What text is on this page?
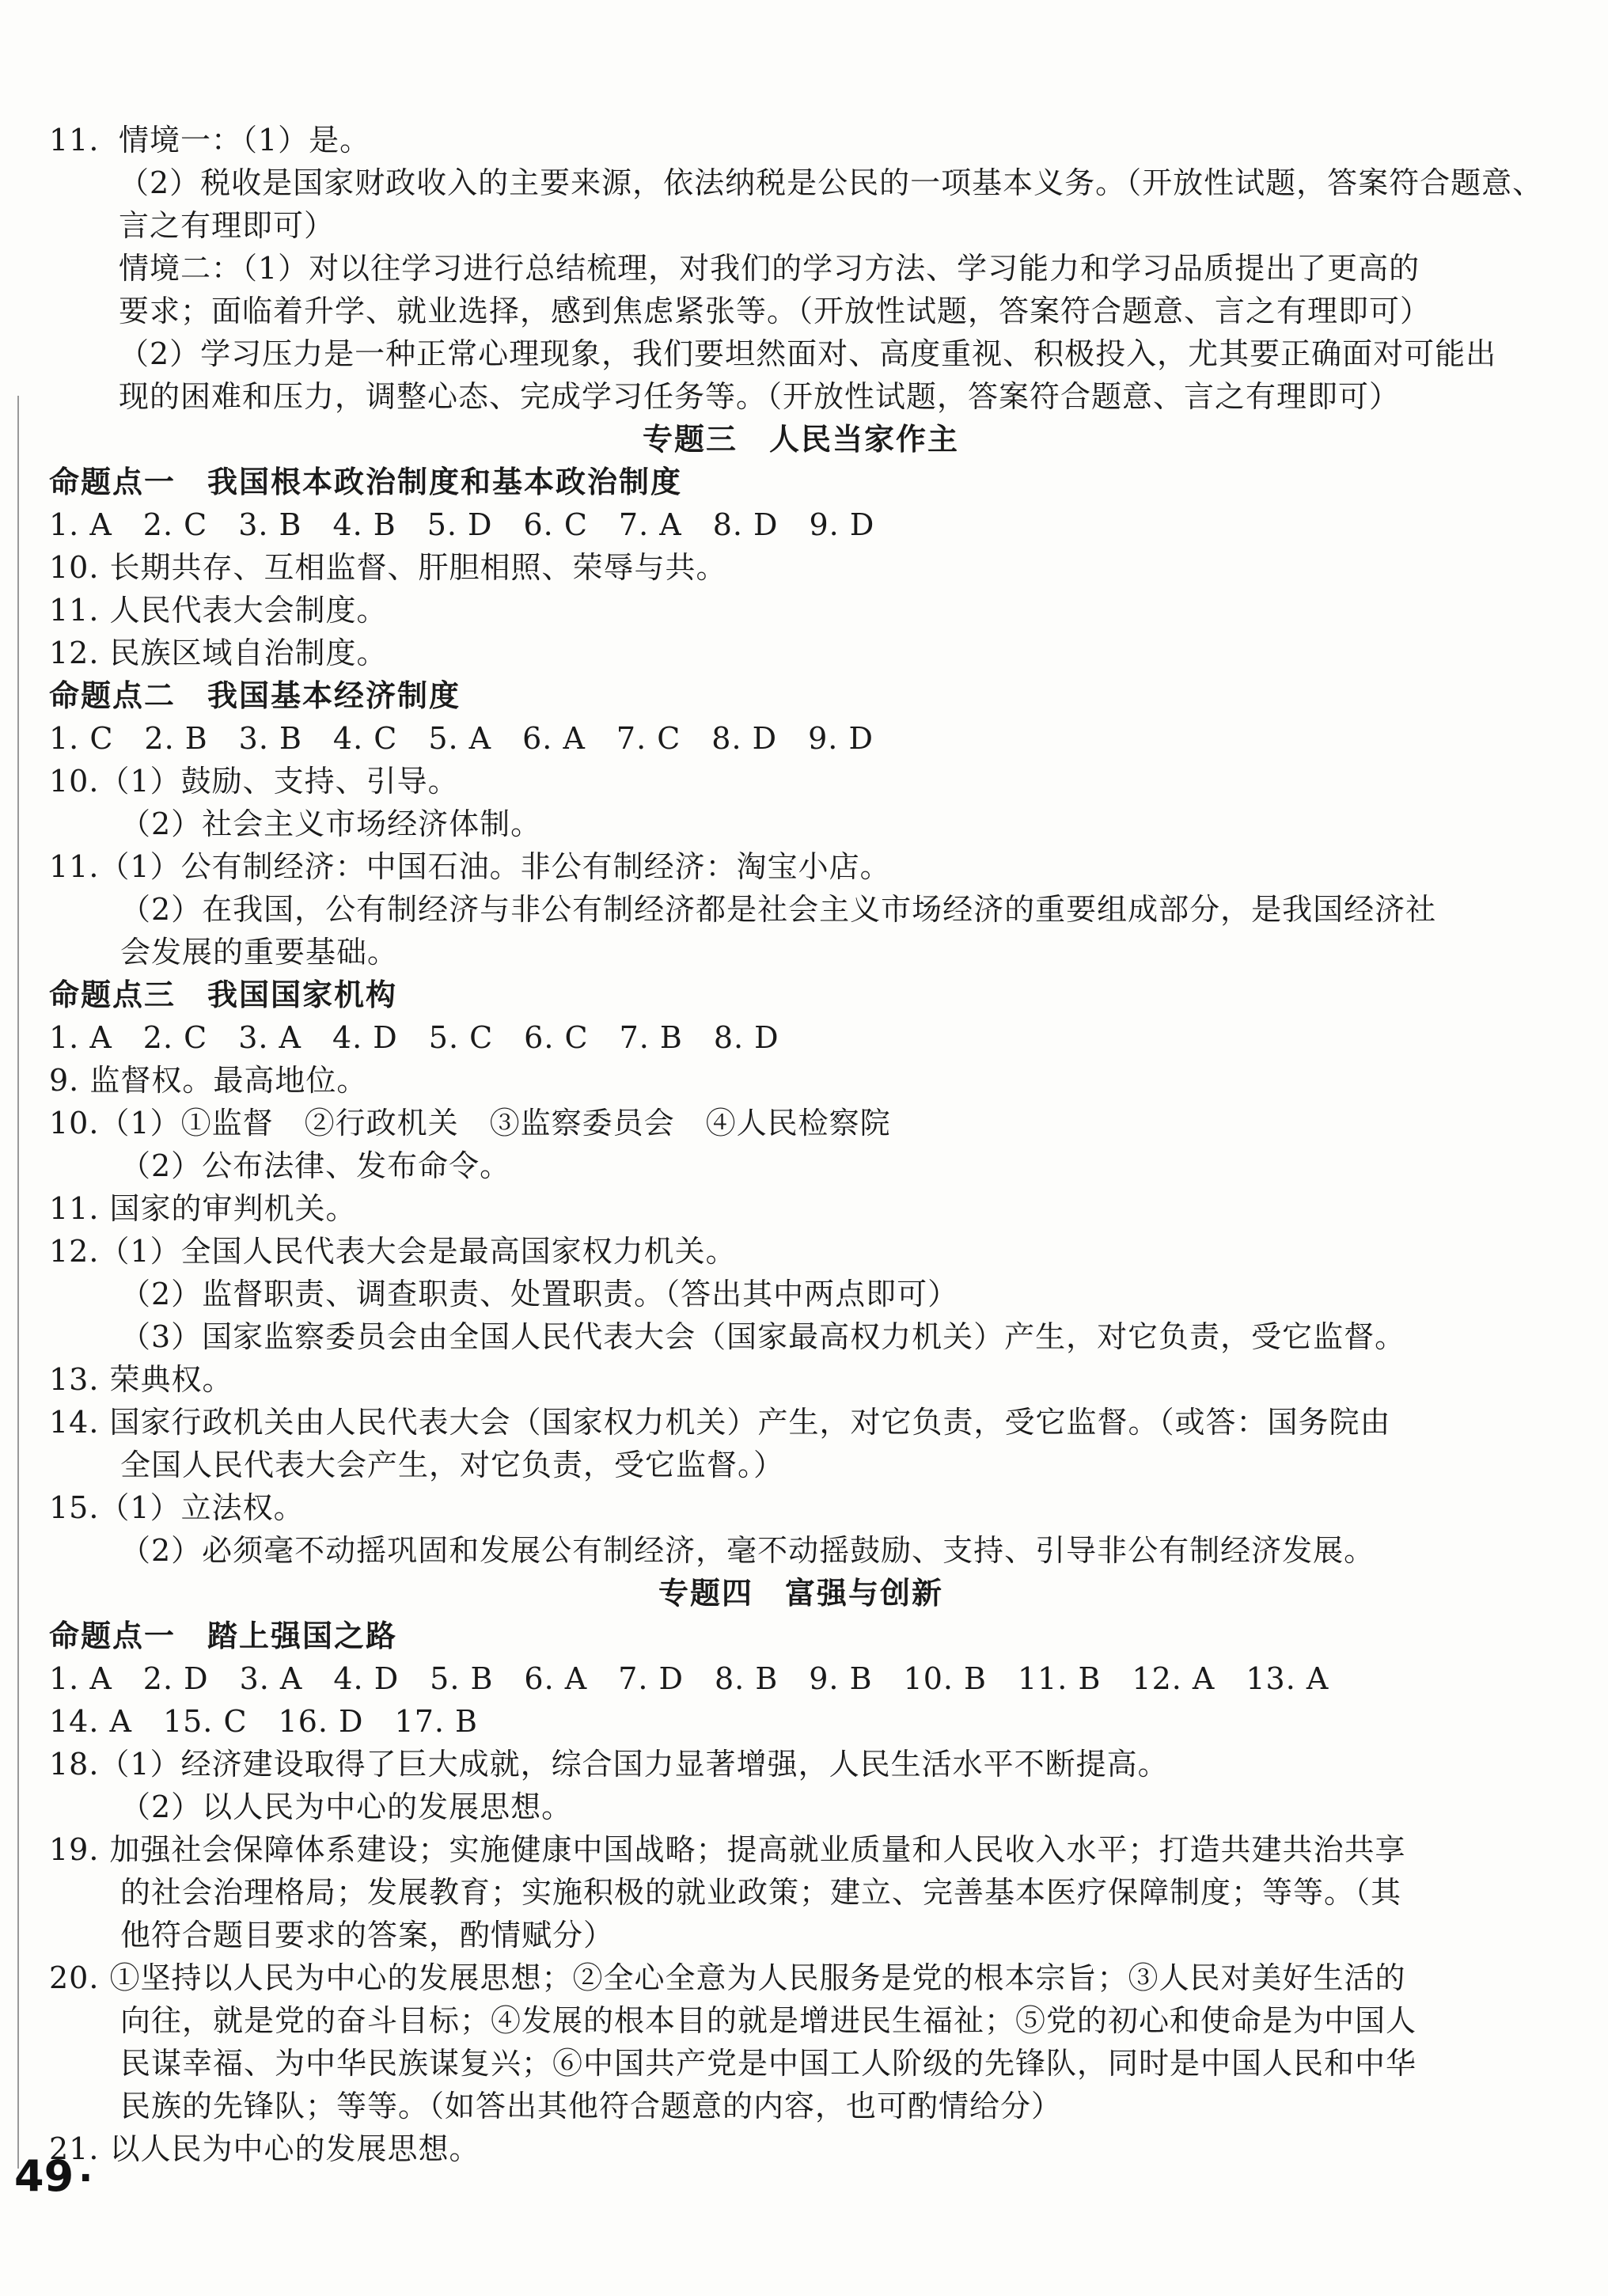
11. 情境一：（1）是。
（2）税收是国家财政收入的主要来源，依法纳税是公民的一项基本义务。（开放性试题，答案符合题意、
言之有理即可）
情境二：（1）对以往学习进行总结梳理，对我们的学习方法、学习能力和学习品质提出了更高的
要求；面临着升学、就业选择，感到焦虑紧张等。（开放性试题，答案符合题意、言之有理即可）
（2）学习压力是一种正常心理现象，我们要坦然面对、高度重视、积极投入，尤其要正确面对可能出
现的困难和压力，调整心态、完成学习任务等。（开放性试题，答案符合题意、言之有理即可）
专题三　人民当家作主
命题点一　我国根本政治制度和基本政治制度
1. A　2. C　3. B　4. B　5. D　6. C　7. A　8. D　9. D
10. 长期共存、互相监督、肝胆相照、荣辱与共。
11. 人民代表大会制度。
12. 民族区域自治制度。
命题点二　我国基本经济制度
1. C　2. B　3. B　4. C　5. A　6. A　7. C　8. D　9. D
10.（1）鼓励、支持、引导。
（2）社会主义市场经济体制。
11.（1）公有制经济：中国石油。非公有制经济：淘宝小店。
（2）在我国，公有制经济与非公有制经济都是社会主义市场经济的重要组成部分，是我国经济社
会发展的重要基础。
命题点三　我国国家机构
1. A　2. C　3. A　4. D　5. C　6. C　7. B　8. D
9. 监督权。最高地位。
10.（1）①监督　②行政机关　③监察委员会　④人民检察院
（2）公布法律、发布命令。
11. 国家的审判机关。
12.（1）全国人民代表大会是最高国家权力机关。
（2）监督职责、调查职责、处置职责。（答出其中两点即可）
（3）国家监察委员会由全国人民代表大会（国家最高权力机关）产生，对它负责，受它监督。
13. 荣典权。
14. 国家行政机关由人民代表大会（国家权力机关）产生，对它负责，受它监督。（或答：国务院由
全国人民代表大会产生，对它负责，受它监督。）
15.（1）立法权。
（2）必须毫不动摇巩固和发展公有制经济，毫不动摇鼓励、支持、引导非公有制经济发展。
专题四　富强与创新
命题点一　踏上强国之路
1. A　2. D　3. A　4. D　5. B　6. A　7. D　8. B　9. B　10. B　11. B　12. A　13. A
14. A　15. C　16. D　17. B
18.（1）经济建设取得了巨大成就，综合国力显著增强，人民生活水平不断提高。
（2）以人民为中心的发展思想。
19. 加强社会保障体系建设；实施健康中国战略；提高就业质量和人民收入水平；打造共建共治共享
的社会治理格局；发展教育；实施积极的就业政策；建立、完善基本医疗保障制度；等等。（其
他符合题目要求的答案，酌情赋分）
20. ①坚持以人民为中心的发展思想；②全心全意为人民服务是党的根本宗旨；③人民对美好生活的
向往，就是党的奋斗目标；④发展的根本目的就是增进民生福祉；⑤党的初心和使命是为中国人
民谋幸福、为中华民族谋复兴；⑥中国共产党是中国工人阶级的先锋队，同时是中国人民和中华
民族的先锋队；等等。（如答出其他符合题意的内容，也可酌情给分）
21. 以人民为中心的发展思想。
49 ·
